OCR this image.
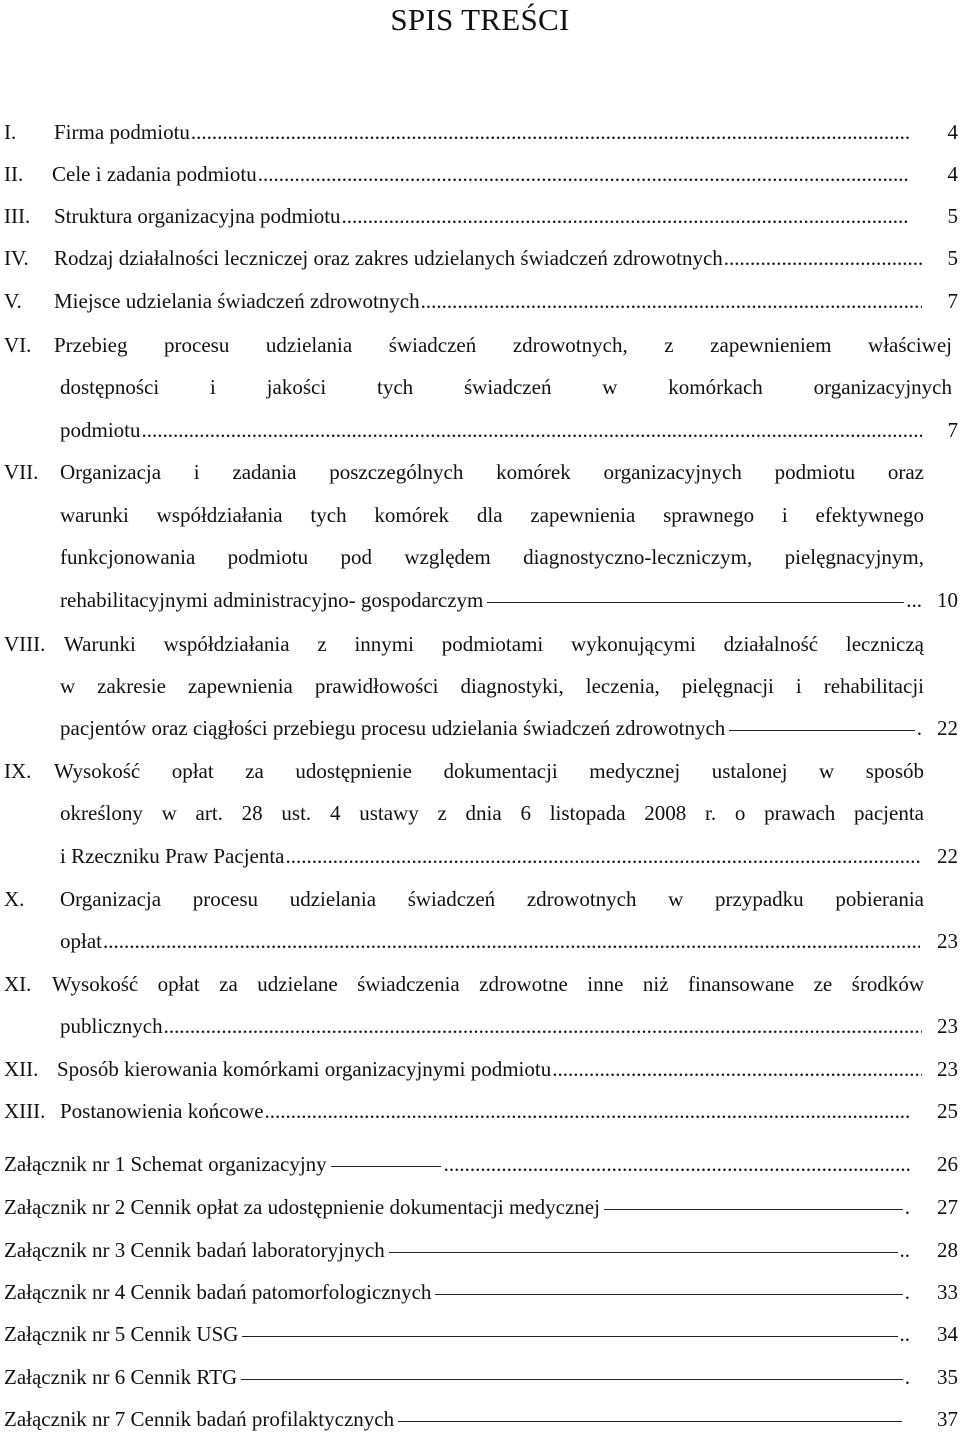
SPIS TREŚCI
I. Firma podmiotu .....	4
II. Cele i zadania podmiotu .....	4
III. Struktura organizacyjna podmiotu .....	5
IV. Rodzaj działalności leczniczej oraz zakres udzielanych świadczeń zdrowotnych .....	5
V. Miejsce udzielania świadczeń zdrowotnych .....	7
VI. Przebieg procesu udzielania świadczeń zdrowotnych, z zapewnieniem właściwej
dostępności i jakości tych świadczeń w komórkach organizacyjnych
podmiotu .....	7
VII. Organizacja i zadania poszczególnych komórek organizacyjnych podmiotu oraz
warunki współdziałania tych komórek dla zapewnienia sprawnego i efektywnego
funkcjonowania podmiotu pod względem diagnostyczno-leczniczym, pielęgnacyjnym,
rehabilitacyjnymi administracyjno- gospodarczym	... 10
VIII. Warunki współdziałania z innymi podmiotami wykonującymi działalność leczniczą
w zakresie zapewnienia prawidłowości diagnostyki, leczenia, pielęgnacji i rehabilitacji
pacjentów oraz ciągłości przebiegu procesu udzielania świadczeń zdrowotnych	. 22
IX. Wysokość opłat za udostępnienie dokumentacji medycznej ustalonej w sposób
określony w art. 28 ust. 4 ustawy z dnia 6 listopada 2008 r. o prawach pacjenta
i Rzeczniku Praw Pacjenta .....	22
X. Organizacja procesu udzielania świadczeń zdrowotnych w przypadku pobierania
opłat .....	23
XI. Wysokość opłat za udzielane świadczenia zdrowotne inne niż finansowane ze środków
publicznych .....	23
XII. Sposób kierowania komórkami organizacyjnymi podmiotu .....	23
XIII. Postanowienia końcowe .....	25
Załącznik nr 1 Schemat organizacyjny .....	26
Załącznik nr 2 Cennik opłat za udostępnienie dokumentacji medycznej	.	27
Załącznik nr 3 Cennik badań laboratoryjnych	..	28
Załącznik nr 4 Cennik badań patomorfologicznych	.	33
Załącznik nr 5 Cennik USG	..	34
Załącznik nr 6 Cennik RTG	.	35
Załącznik nr 7 Cennik badań profilaktycznych	37
